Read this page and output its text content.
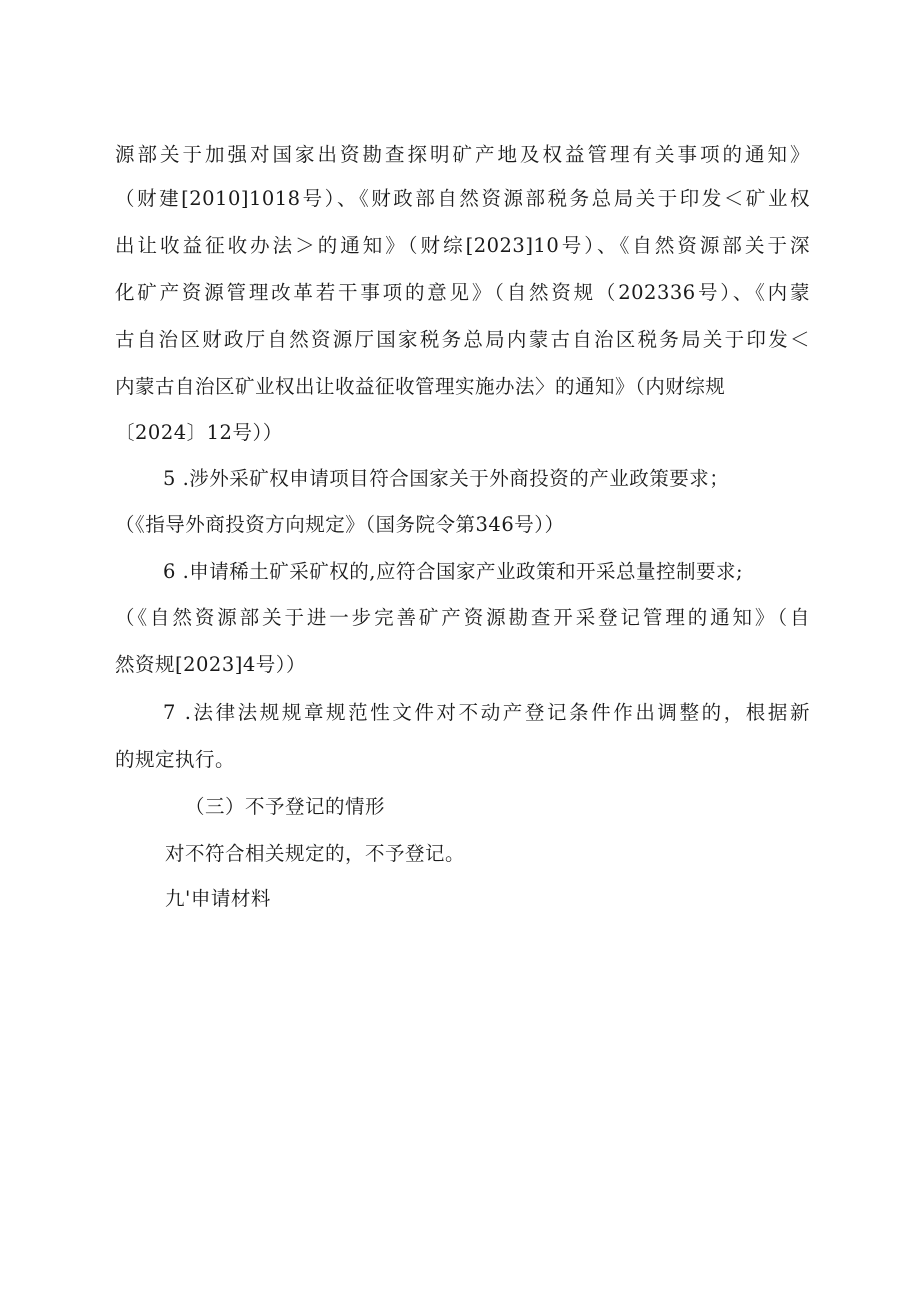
源部关于加强对国家出资勘查探明矿产地及权益管理有关事项的通知》
（财建[2010]1018号）、《财政部自然资源部税务总局关于印发＜矿业权
出让收益征收办法＞的通知》（财综[2023]10号）、《自然资源部关于深
化矿产资源管理改革若干事项的意见》（自然资规（202336号）、《内蒙
古自治区财政厅自然资源厅国家税务总局内蒙古自治区税务局关于印发＜
内蒙古自治区矿业权出让收益征收管理实施办法〉的通知》（内财综规
〔2024〕12号））
5 .涉外采矿权申请项目符合国家关于外商投资的产业政策要求；
（《指导外商投资方向规定》（国务院令第346号））
6 .申请稀土矿采矿权的,应符合国家产业政策和开采总量控制要求;
（《自然资源部关于进一步完善矿产资源勘查开采登记管理的通知》（自
然资规[2023]4号））
7 .法律法规规章规范性文件对不动产登记条件作出调整的，根据新
的规定执行。
（三）不予登记的情形
对不符合相关规定的，不予登记。
九'申请材料
